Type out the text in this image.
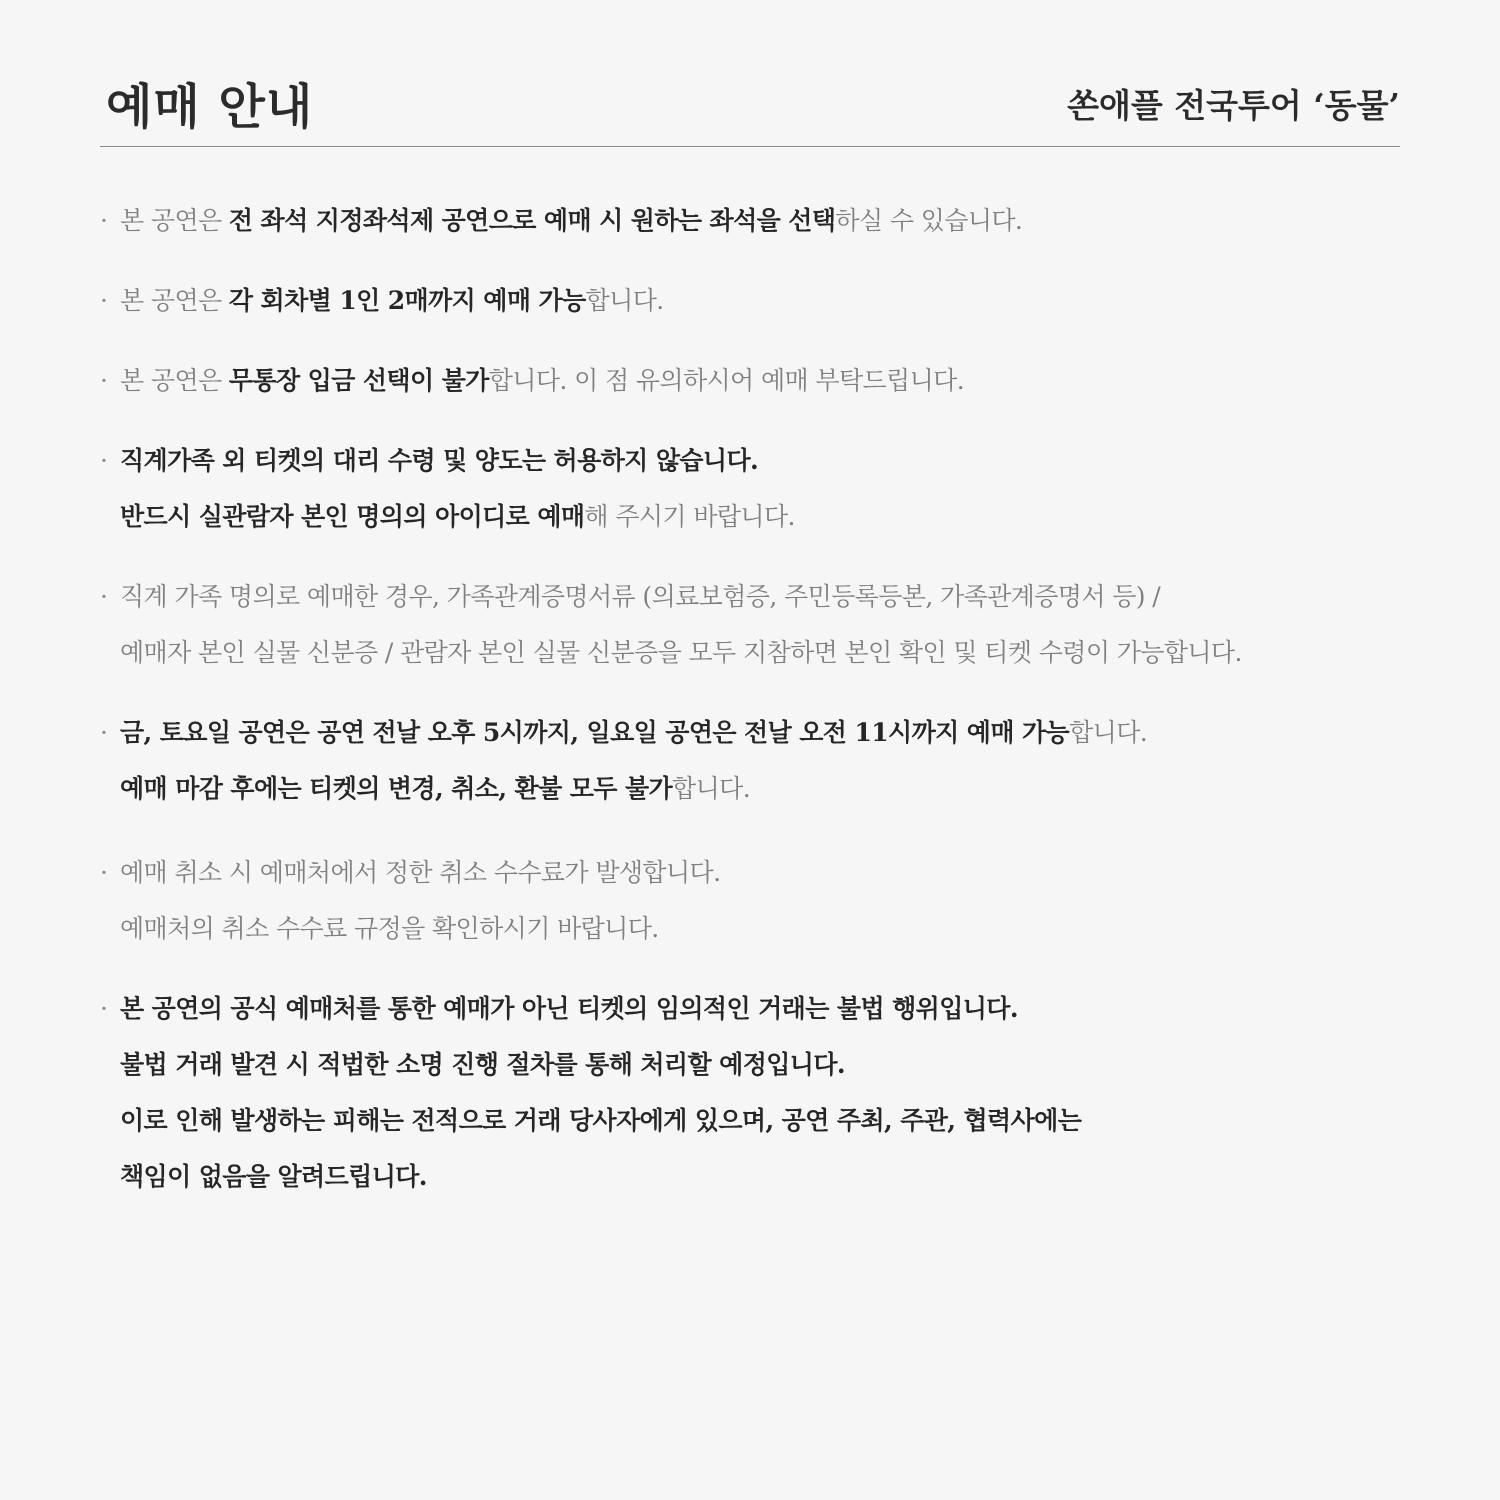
예매 안내	쏜애플 전국투어 ‘동물’
· 본 공연은 전 좌석 지정좌석제 공연으로 예매 시 원하는 좌석을 선택하실 수 있습니다.
· 본 공연은 각 회차별 1인 2매까지 예매 가능합니다.
· 본 공연은 무통장 입금 선택이 불가합니다. 이 점 유의하시어 예매 부탁드립니다.
· 직계가족 외 티켓의 대리 수령 및 양도는 허용하지 않습니다.
반드시 실관람자 본인 명의의 아이디로 예매해 주시기 바랍니다.
· 직계 가족 명의로 예매한 경우, 가족관계증명서류 (의료보험증, 주민등록등본, 가족관계증명서 등) /
예매자 본인 실물 신분증 / 관람자 본인 실물 신분증을 모두 지참하면 본인 확인 및 티켓 수령이 가능합니다.
· 금, 토요일 공연은 공연 전날 오후 5시까지, 일요일 공연은 전날 오전 11시까지 예매 가능합니다.
예매 마감 후에는 티켓의 변경, 취소, 환불 모두 불가합니다.
· 예매 취소 시 예매처에서 정한 취소 수수료가 발생합니다.
예매처의 취소 수수료 규정을 확인하시기 바랍니다.
· 본 공연의 공식 예매처를 통한 예매가 아닌 티켓의 임의적인 거래는 불법 행위입니다.
불법 거래 발견 시 적법한 소명 진행 절차를 통해 처리할 예정입니다.
이로 인해 발생하는 피해는 전적으로 거래 당사자에게 있으며, 공연 주최, 주관, 협력사에는
책임이 없음을 알려드립니다.
